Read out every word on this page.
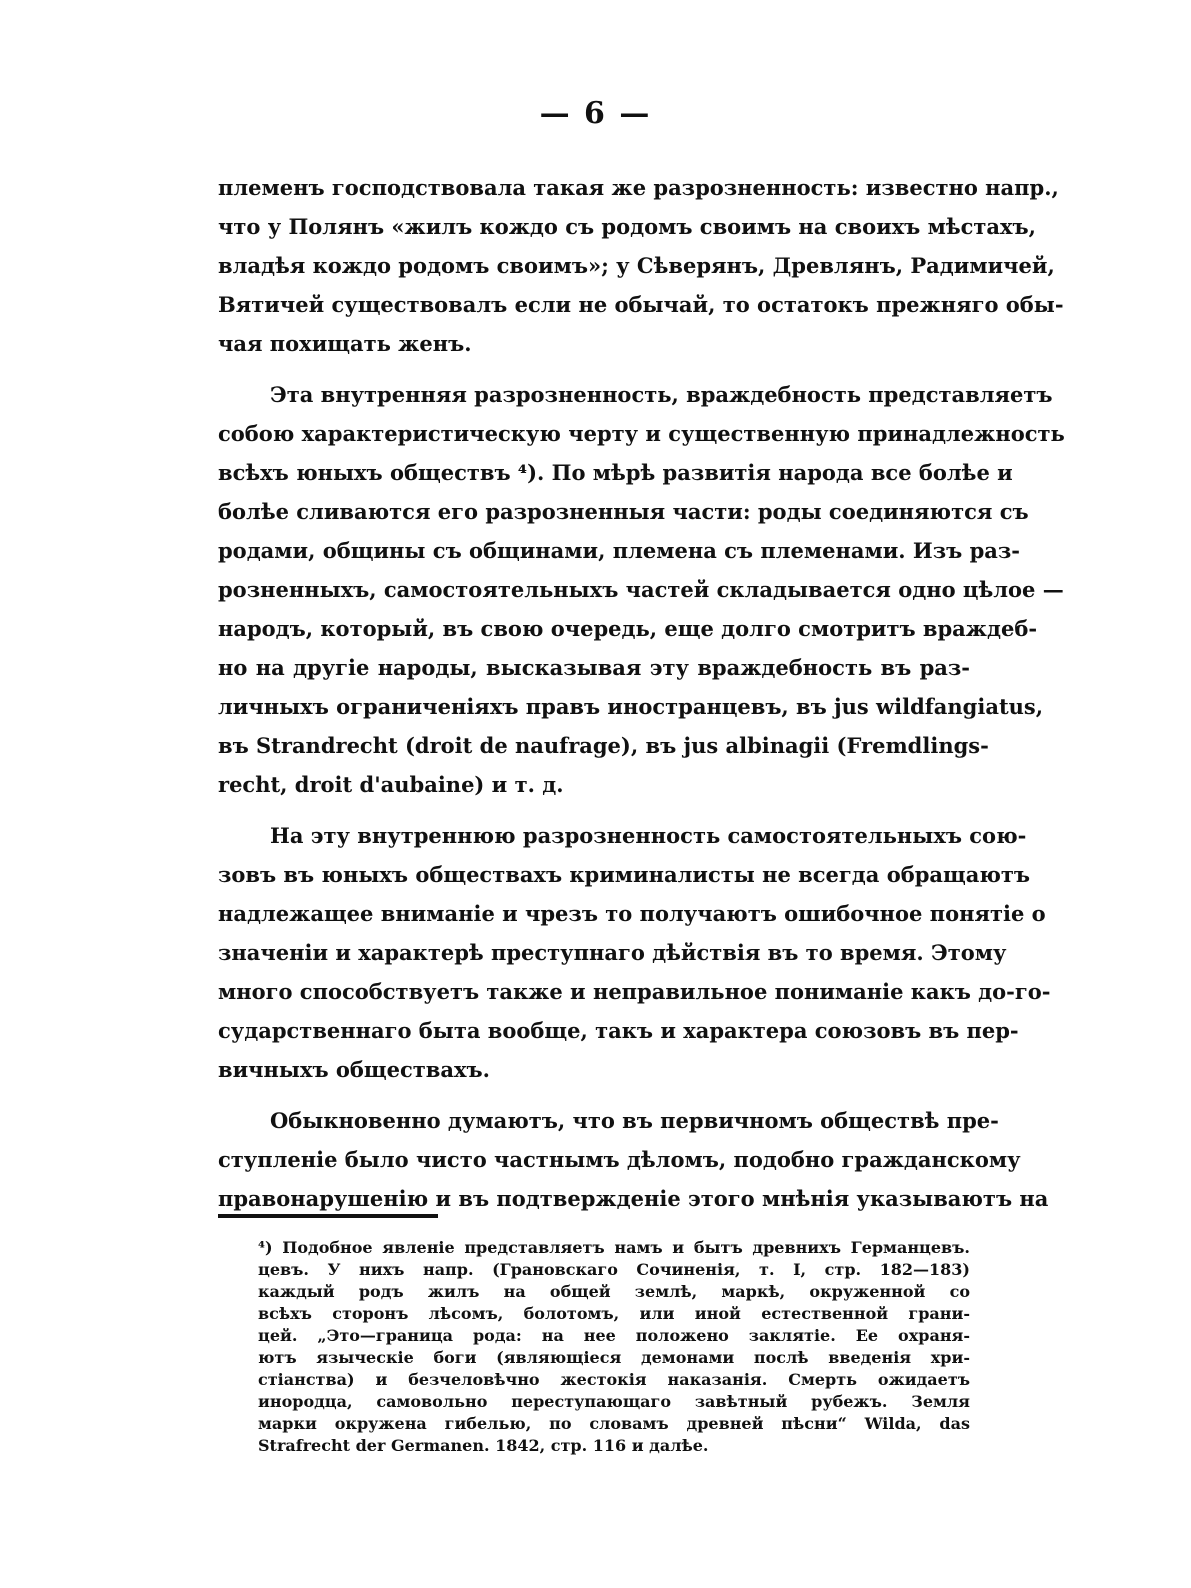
— 6 —
племенъ господствовала такая же разрозненность: известно напр.,
что у Полянъ «жилъ кождо съ родомъ своимъ на своихъ мѣстахъ,
владѣя кождо родомъ своимъ»; у Сѣверянъ, Древлянъ, Радимичей,
Вятичей существовалъ если не обычай, то остатокъ прежняго обы-
чая похищать женъ.
Эта внутренняя разрозненность, враждебность представляетъ
собою характеристическую черту и существенную принадлежность
всѣхъ юныхъ обществъ ⁴). По мѣрѣ развитія народа все болѣе и
болѣе сливаются его разрозненныя части: роды соединяются съ
родами, общины съ общинами, племена съ племенами. Изъ раз-
розненныхъ, самостоятельныхъ частей складывается одно цѣлое —
народъ, который, въ свою очередь, еще долго смотритъ враждеб-
но на другіе народы, высказывая эту враждебность въ раз-
личныхъ ограниченіяхъ правъ иностранцевъ, въ jus wildfangiatus,
въ Strandrecht (droit de naufrage), въ jus albinagii (Fremdlings-
recht, droit d'aubaine) и т. д.
На эту внутреннюю разрозненность самостоятельныхъ сою-
зовъ въ юныхъ обществахъ криминалисты не всегда обращаютъ
надлежащее вниманіе и чрезъ то получаютъ ошибочное понятіе о
значеніи и характерѣ преступнаго дѣйствія въ то время. Этому
много способствуетъ также и неправильное пониманіе какъ до-го-
сударственнаго быта вообще, такъ и характера союзовъ въ пер-
вичныхъ обществахъ.
Обыкновенно думаютъ, что въ первичномъ обществѣ пре-
ступленіе было чисто частнымъ дѣломъ, подобно гражданскому
правонарушенію и въ подтвержденіе этого мнѣнія указываютъ на
⁴) Подобное явленіе представляетъ намъ и бытъ древнихъ Германцевъ.
цевъ. У нихъ напр. (Грановскаго Сочиненія, т. I, стр. 182—183)
каждый родъ жилъ на общей землѣ, маркѣ, окруженной со
всѣхъ сторонъ лѣсомъ, болотомъ, или иной естественной грани-
цей. „Это—граница рода: на нее положено заклятіе. Ее охраня-
ютъ языческіе боги (являющіеся демонами послѣ введенія хри-
стіанства) и безчеловѣчно жестокія наказанія. Смерть ожидаетъ
инородца, самовольно переступающаго завѣтный рубежъ. Земля
марки окружена гибелью, по словамъ древней пѣсни“ Wilda, das
Strafrecht der Germanen. 1842, стр. 116 и далѣе.
